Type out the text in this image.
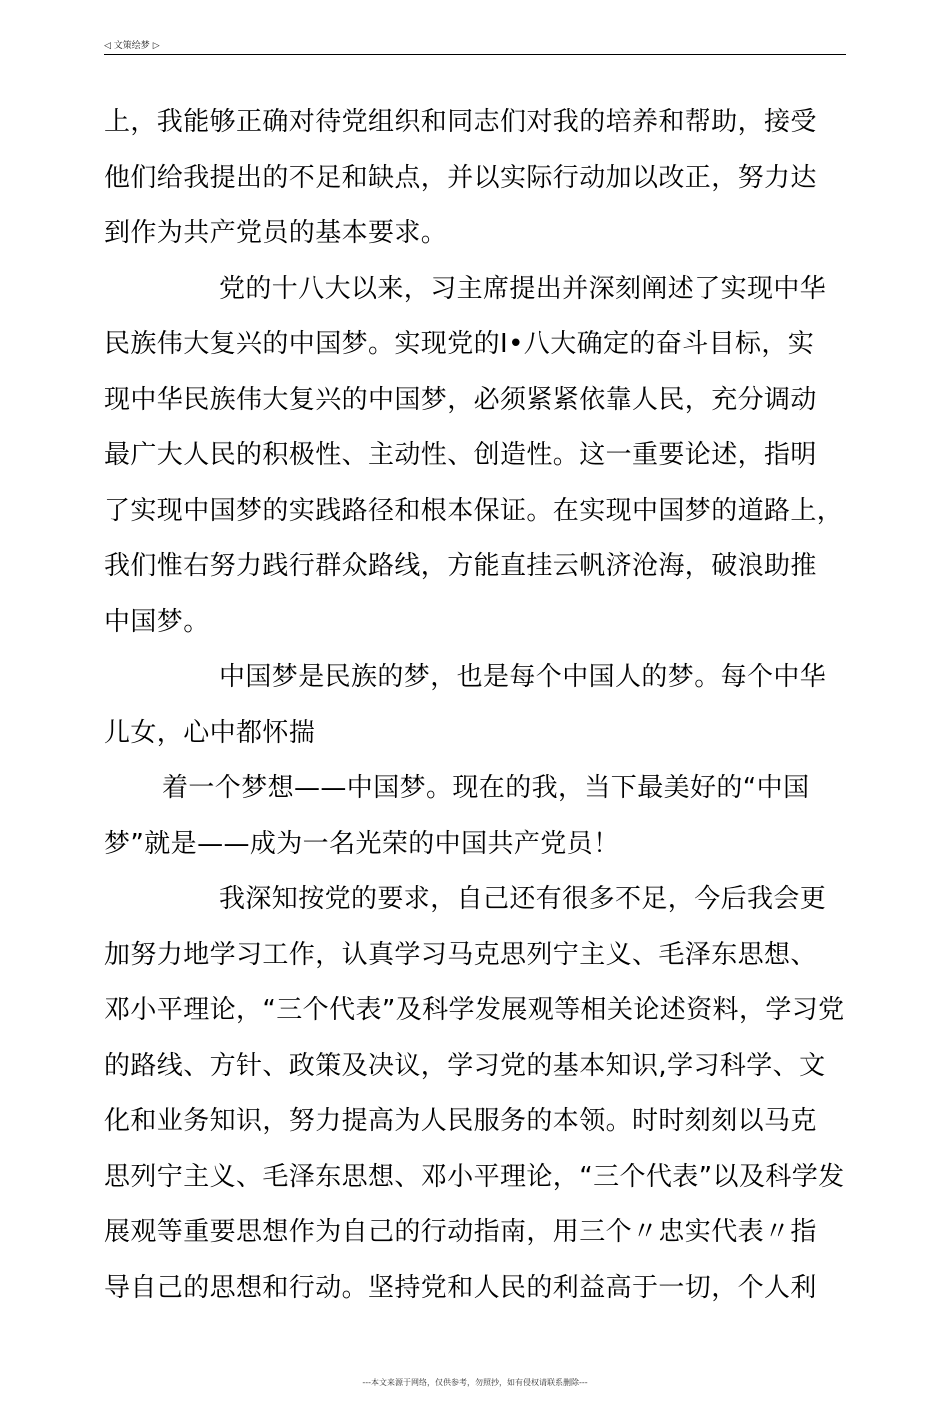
◁ 文策绘梦 ▷
上，我能够正确对待党组织和同志们对我的培养和帮助，接受
他们给我提出的不足和缺点，并以实际行动加以改正，努力达
到作为共产党员的基本要求。
党的十八大以来，习主席提出并深刻阐述了实现中华
民族伟大复兴的中国梦。实现党的I•八大确定的奋斗目标，实
现中华民族伟大复兴的中国梦，必须紧紧依靠人民，充分调动
最广大人民的积极性、主动性、创造性。这一重要论述，指明
了实现中国梦的实践路径和根本保证。在实现中国梦的道路上，
我们惟右努力践行群众路线，方能直挂云帆济沧海，破浪助推
中国梦。
中国梦是民族的梦，也是每个中国人的梦。每个中华
儿女，心中都怀揣
着一个梦想——中国梦。现在的我，当下最美好的“中国
梦”就是——成为一名光荣的中国共产党员！
我深知按党的要求，自己还有很多不足，今后我会更
加努力地学习工作，认真学习马克思列宁主义、毛泽东思想、
邓小平理论，“三个代表”及科学发展观等相关论述资料，学习党
的路线、方针、政策及决议，学习党的基本知识,学习科学、文
化和业务知识，努力提高为人民服务的本领。时时刻刻以马克
思列宁主义、毛泽东思想、邓小平理论，“三个代表”以及科学发
展观等重要思想作为自己的行动指南，用三个〃忠实代表〃指
导自己的思想和行动。坚持党和人民的利益高于一切，个人利
---本文来源于网络，仅供参考，勿照抄，如有侵权请联系删除---
